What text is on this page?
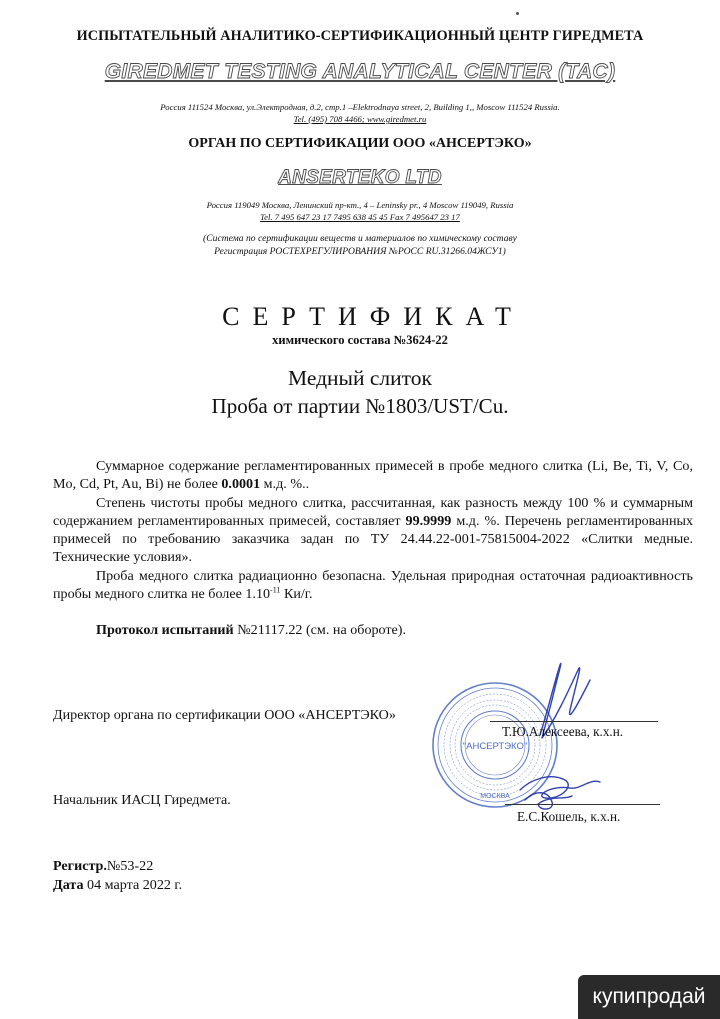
ИСПЫТАТЕЛЬНЫЙ АНАЛИТИКО-СЕРТИФИКАЦИОННЫЙ ЦЕНТР ГИРЕДМЕТА
GIREDMET TESTING ANALYTICAL CENTER (TAC)
Россия 111524 Москва, ул.Электродная, д.2, стр.1 –Elektrodnaya street, 2, Building 1,, Moscow 111524 Russia.
Tel. (495) 708 4466; www.giredmet.ru
ОРГАН ПО СЕРТИФИКАЦИИ ООО «АНСЕРТЭКО»
ANSERTEKO LTD
Россия 119049 Москва, Ленинский пр-кт., 4 – Leninsky pr., 4 Moscow 119049, Russia
Tel. 7 495 647 23 17 7495 638 45 45 Fax 7 495647 23 17
(Система по сертификации веществ и материалов по химическому составу
Регистрация РОСТЕХРЕГУЛИРОВАНИЯ №РОСС RU.31266.04ЖСУ1)
СЕРТИФИКАТ
химического состава №3624-22
Медный слиток
Проба от партии №1803/UST/Cu.

Суммарное содержание регламентированных примесей в пробе медного слитка (Li, Be, Ti, V, Co, Mo, Cd, Pt, Au, Bi) не более 0.0001 м.д. %..

Степень чистоты пробы медного слитка, рассчитанная, как разность между 100 % и суммарным содержанием регламентированных примесей, составляет 99.9999 м.д. %. Перечень регламентированных примесей по требованию заказчика задан по ТУ 24.44.22-001-75815004-2022 «Слитки медные. Технические условия».

Проба медного слитка радиационно безопасна. Удельная природная остаточная радиоактивность пробы медного слитка не более $1.10^{-11}$ Ки/г.

Протокол испытаний №21117.22 (см. на обороте).
"АНСЕРТЭКО"
МОСКВА
Директор органа по сертификации ООО «АНСЕРТЭКО»
Т.Ю.Алексеева, к.х.н.
Начальник ИАСЦ Гиредмета.
Е.С.Кошель, к.х.н.
Регистр.№53-22
Дата 04 марта 2022 г.
купипродай
